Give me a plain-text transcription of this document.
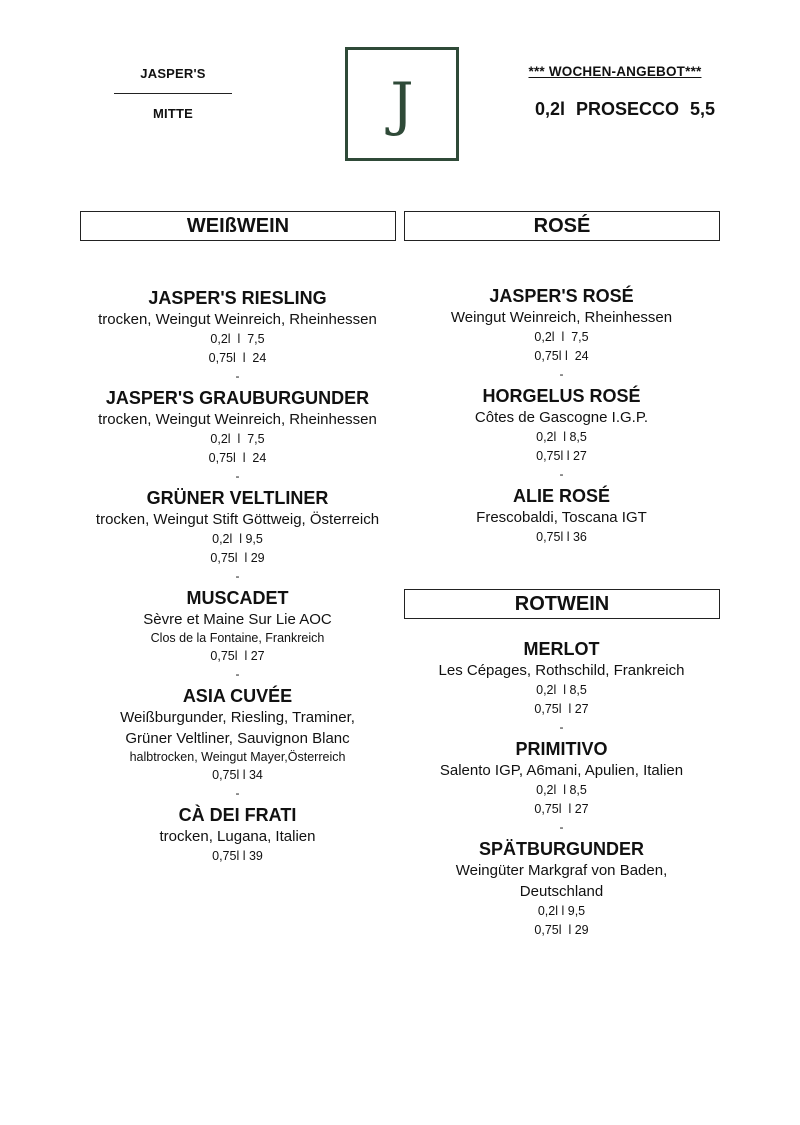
JASPER'S
MITTE	J	*** WOCHEN-ANGEBOT***
0,2l PROSECCO 5,5
WEIßWEIN	ROSÉ
ROTWEIN
JASPER'S RIESLING
trocken, Weingut Weinreich, Rheinhessen
0,2l  l  7,5
0,75l  l  24
-
JASPER'S GRAUBURGUNDER
trocken, Weingut Weinreich, Rheinhessen
0,2l  l  7,5
0,75l  l  24
-
GRÜNER VELTLINER
trocken, Weingut Stift Göttweig, Österreich
0,2l  l 9,5
0,75l  l 29
-
MUSCADET
Sèvre et Maine Sur Lie AOC
Clos de la Fontaine, Frankreich
0,75l  l 27
-
ASIA CUVÉE
Weißburgunder, Riesling, Traminer,
Grüner Veltliner, Sauvignon Blanc
halbtrocken, Weingut Mayer,Österreich
0,75l l 34
-
CÀ DEI FRATI
trocken, Lugana, Italien
0,75l l 39
JASPER'S ROSÉ
Weingut Weinreich, Rheinhessen
0,2l  l  7,5
0,75l l  24
-
HORGELUS ROSÉ
Côtes de Gascogne I.G.P.
0,2l  l 8,5
0,75l l 27
-
ALIE ROSÉ
Frescobaldi, Toscana IGT
0,75l l 36
MERLOT
Les Cépages, Rothschild, Frankreich
0,2l  l 8,5
0,75l  l 27
-
PRIMITIVO
Salento IGP, A6mani, Apulien, Italien
0,2l  l 8,5
0,75l  l 27
-
SPÄTBURGUNDER
Weingüter Markgraf von Baden,
Deutschland
0,2l l 9,5
0,75l  l 29
